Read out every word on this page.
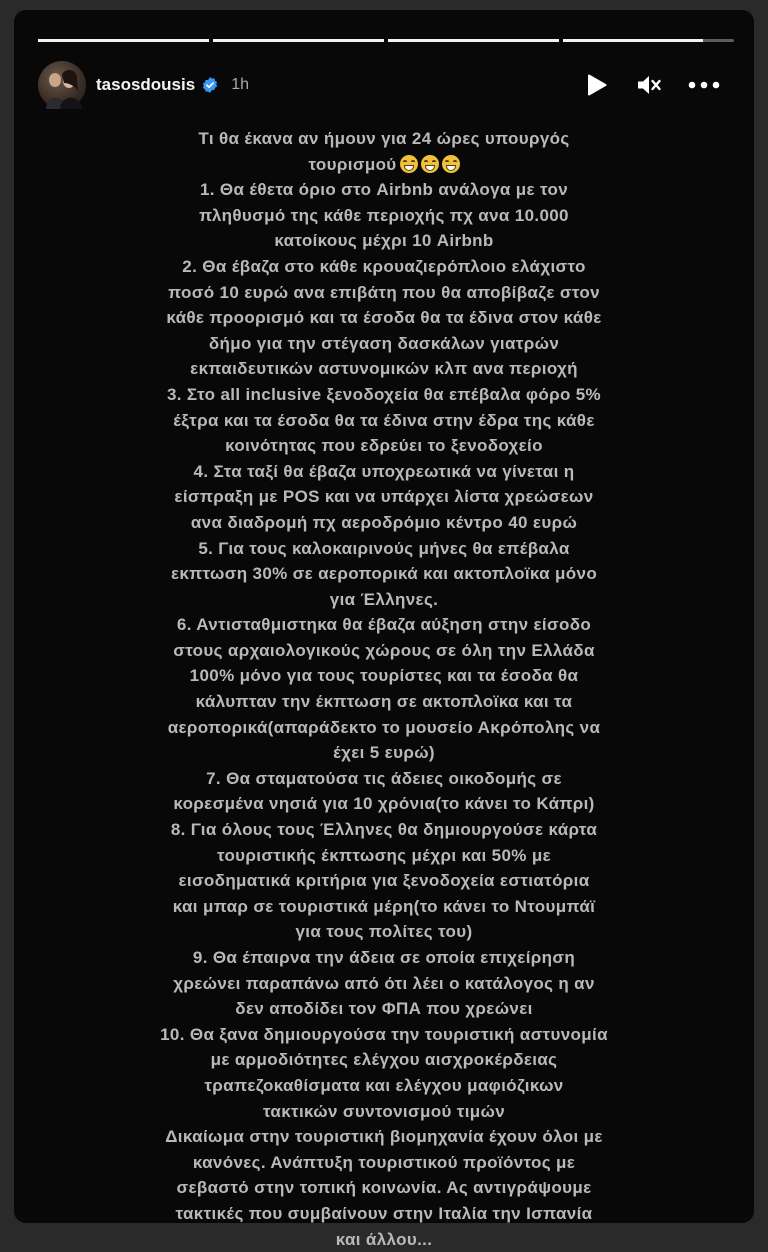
tasosdousis 1h
Τι θα έκανα αν ήμουν για 24 ώρες υπουργός
τουρισμού
1. Θα έθετα όριο στο Airbnb ανάλογα με τον
πληθυσμό της κάθε περιοχής πχ ανα 10.000
κατοίκους μέχρι 10 Airbnb
2. Θα έβαζα στο κάθε κρουαζιερόπλοιο ελάχιστο
ποσό 10 ευρώ ανα επιβάτη που θα αποβίβαζε στον
κάθε προορισμό και τα έσοδα θα τα έδινα στον κάθε
δήμο για την στέγαση δασκάλων γιατρών
εκπαιδευτικών αστυνομικών κλπ ανα περιοχή
3. Στο all inclusive ξενοδοχεία θα επέβαλα φόρο 5%
έξτρα και τα έσοδα θα τα έδινα στην έδρα της κάθε
κοινότητας που εδρεύει το ξενοδοχείο
4. Στα ταξί θα έβαζα υποχρεωτικά να γίνεται η
είσπραξη με POS και να υπάρχει λίστα χρεώσεων
ανα διαδρομή πχ αεροδρόμιο κέντρο 40 ευρώ
5. Για τους καλοκαιρινούς μήνες θα επέβαλα
εκπτωση 30% σε αεροπορικά και ακτοπλοϊκα μόνο
για Έλληνες.
6. Αντισταθμιστηκα θα έβαζα αύξηση στην είσοδο
στους αρχαιολογικούς χώρους σε όλη την Ελλάδα
100% μόνο για τους τουρίστες και τα έσοδα θα
κάλυπταν την έκπτωση σε ακτοπλοϊκα και τα
αεροπορικά(απαράδεκτο το μουσείο Ακρόπολης να
έχει 5 ευρώ)
7. Θα σταματούσα τις άδειες οικοδομής σε
κορεσμένα νησιά για 10 χρόνια(το κάνει το Κάπρι)
8. Για όλους τους Έλληνες θα δημιουργούσε κάρτα
τουριστικής έκπτωσης μέχρι και 50% με
εισοδηματικά κριτήρια για ξενοδοχεία εστιατόρια
και μπαρ σε τουριστικά μέρη(το κάνει το Ντουμπάϊ
για τους πολίτες του)
9. Θα έπαιρνα την άδεια σε οποία επιχείρηση
χρεώνει παραπάνω από ότι λέει ο κατάλογος η αν
δεν αποδίδει τον ΦΠΑ που χρεώνει
10. Θα ξανα δημιουργούσα την τουριστική αστυνομία
με αρμοδιότητες ελέγχου αισχροκέρδειας
τραπεζοκαθίσματα και ελέγχου μαφιόζικων
τακτικών συντονισμού τιμών
Δικαίωμα στην τουριστική βιομηχανία έχουν όλοι με
κανόνες. Ανάπτυξη τουριστικού προϊόντος με
σεβαστό στην τοπική κοινωνία. Ας αντιγράψουμε
τακτικές που συμβαίνουν στην Ιταλία την Ισπανία
και άλλου...
